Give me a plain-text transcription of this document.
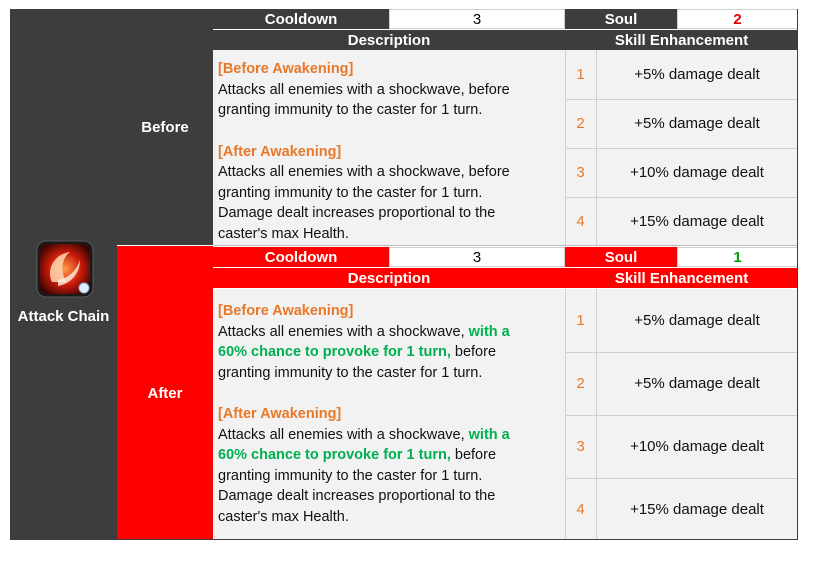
Attack Chain
Before
Cooldown	3	Soul	2
Description	Skill Enhancement
[Before Awakening]
Attacks all enemies with a shockwave, before
granting immunity to the caster for 1 turn.
[After Awakening]
Attacks all enemies with a shockwave, before
granting immunity to the caster for 1 turn.
Damage dealt increases proportional to the
caster's max Health.
1	+5% damage dealt
2	+5% damage dealt
3	+10% damage dealt
4	+15% damage dealt
After
Cooldown	3	Soul	1
Description	Skill Enhancement
[Before Awakening]
Attacks all enemies with a shockwave, with a
60% chance to provoke for 1 turn, before
granting immunity to the caster for 1 turn.
[After Awakening]
Attacks all enemies with a shockwave, with a
60% chance to provoke for 1 turn, before
granting immunity to the caster for 1 turn.
Damage dealt increases proportional to the
caster's max Health.
1	+5% damage dealt
2	+5% damage dealt
3	+10% damage dealt
4	+15% damage dealt
